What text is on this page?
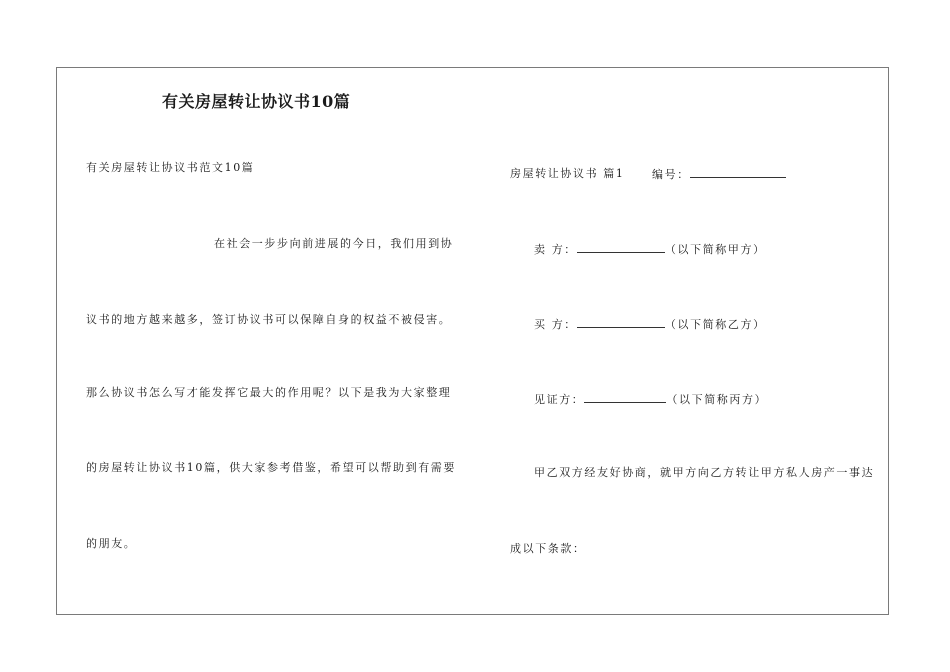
有关房屋转让协议书10篇
有关房屋转让协议书范文10篇
在社会一步步向前进展的今日，我们用到协
议书的地方越来越多，签订协议书可以保障自身的权益不被侵害。
那么协议书怎么写才能发挥它最大的作用呢？以下是我为大家整理
的房屋转让协议书10篇，供大家参考借鉴，希望可以帮助到有需要
的朋友。
房屋转让协议书 篇1	编号：
卖 方：	（以下简称甲方）
买 方：	（以下简称乙方）
见证方：	（以下简称丙方）
甲乙双方经友好协商，就甲方向乙方转让甲方私人房产一事达
成以下条款：
